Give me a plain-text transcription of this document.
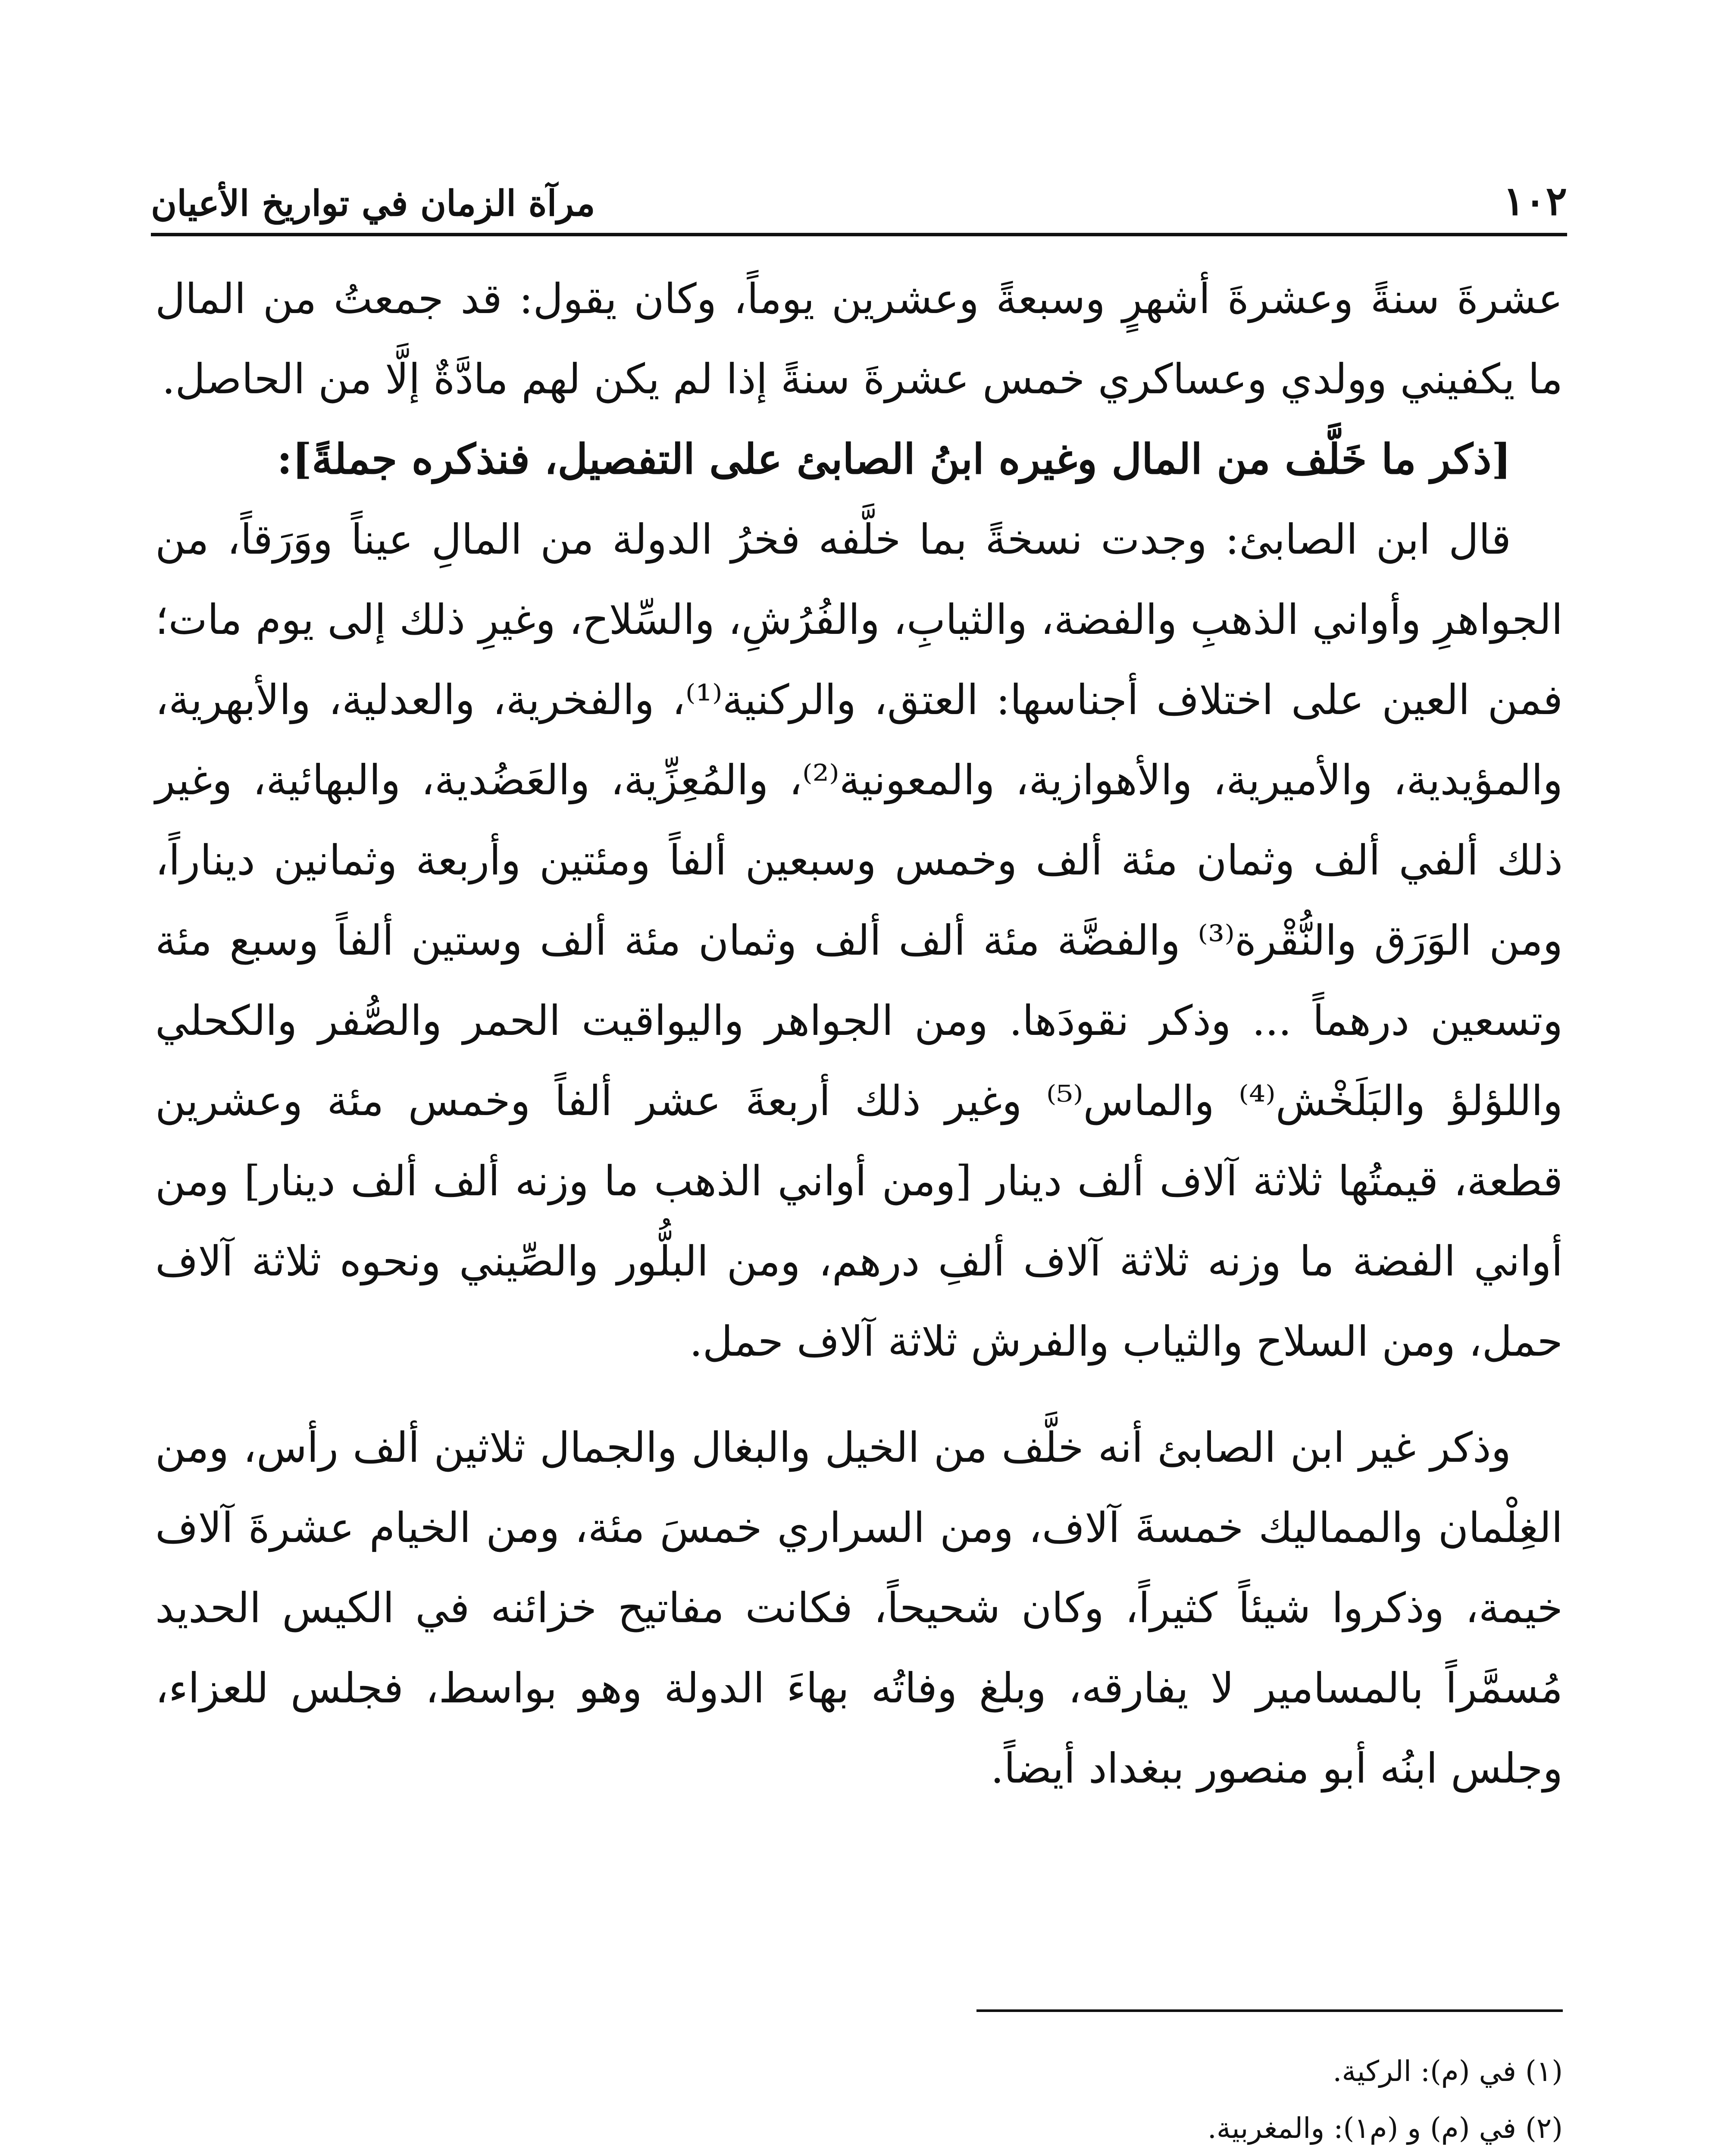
١٠٢
مرآة الزمان في تواريخ الأعيان

عشرةَ سنةً وعشرةَ أشهرٍ وسبعةً وعشرين يوماً، وكان يقول: قد جمعتُ من المال ما يكفيني وولدي وعساكري خمس عشرةَ سنةً إذا لم يكن لهم مادَّةٌ إلَّا من الحاصل.

[ذكر ما خَلَّف من المال وغيره ابنُ الصابئ على التفصيل، فنذكره جملةً]:

قال ابن الصابئ: وجدت نسخةً بما خلَّفه فخرُ الدولة من المالِ عيناً ووَرَقاً، من الجواهرِ وأواني الذهبِ والفضة، والثيابِ، والفُرُشِ، والسِّلاح، وغيرِ ذلك إلى يوم مات؛ فمن العين على اختلاف أجناسها: العتق، والركنية⁽¹⁾، والفخرية، والعدلية، والأبهرية، والمؤيدية، والأميرية، والأهوازية، والمعونية⁽²⁾، والمُعِزِّية، والعَضُدية، والبهائية، وغير ذلك ألفي ألف وثمان مئة ألف وخمس وسبعين ألفاً ومئتين وأربعة وثمانين ديناراً، ومن الوَرَق والنُّقْرة⁽³⁾ والفضَّة مئة ألف ألف وثمان مئة ألف وستين ألفاً وسبع مئة وتسعين درهماً ... وذكر نقودَها. ومن الجواهر واليواقيت الحمر والصُّفر والكحلي واللؤلؤ والبَلَخْش⁽⁴⁾ والماس⁽⁵⁾ وغير ذلك أربعةَ عشر ألفاً وخمس مئة وعشرين قطعة، قيمتُها ثلاثة آلاف ألف دينار [ومن أواني الذهب ما وزنه ألف ألف دينار] ومن أواني الفضة ما وزنه ثلاثة آلاف ألفِ درهم، ومن البلُّور والصِّيني ونحوه ثلاثة آلاف حمل، ومن السلاح والثياب والفرش ثلاثة آلاف حمل.

وذكر غير ابن الصابئ أنه خلَّف من الخيل والبغال والجمال ثلاثين ألف رأس، ومن الغِلْمان والمماليك خمسةَ آلاف، ومن السراري خمسَ مئة، ومن الخيام عشرةَ آلاف خيمة، وذكروا شيئاً كثيراً، وكان شحيحاً، فكانت مفاتيح خزائنه في الكيس الحديد مُسمَّراً بالمسامير لا يفارقه، وبلغ وفاتُه بهاءَ الدولة وهو بواسط، فجلس للعزاء، وجلس ابنُه أبو منصور ببغداد أيضاً.

(١) في (م): الركية.

(٢) في (م) و (م١): والمغربية.
